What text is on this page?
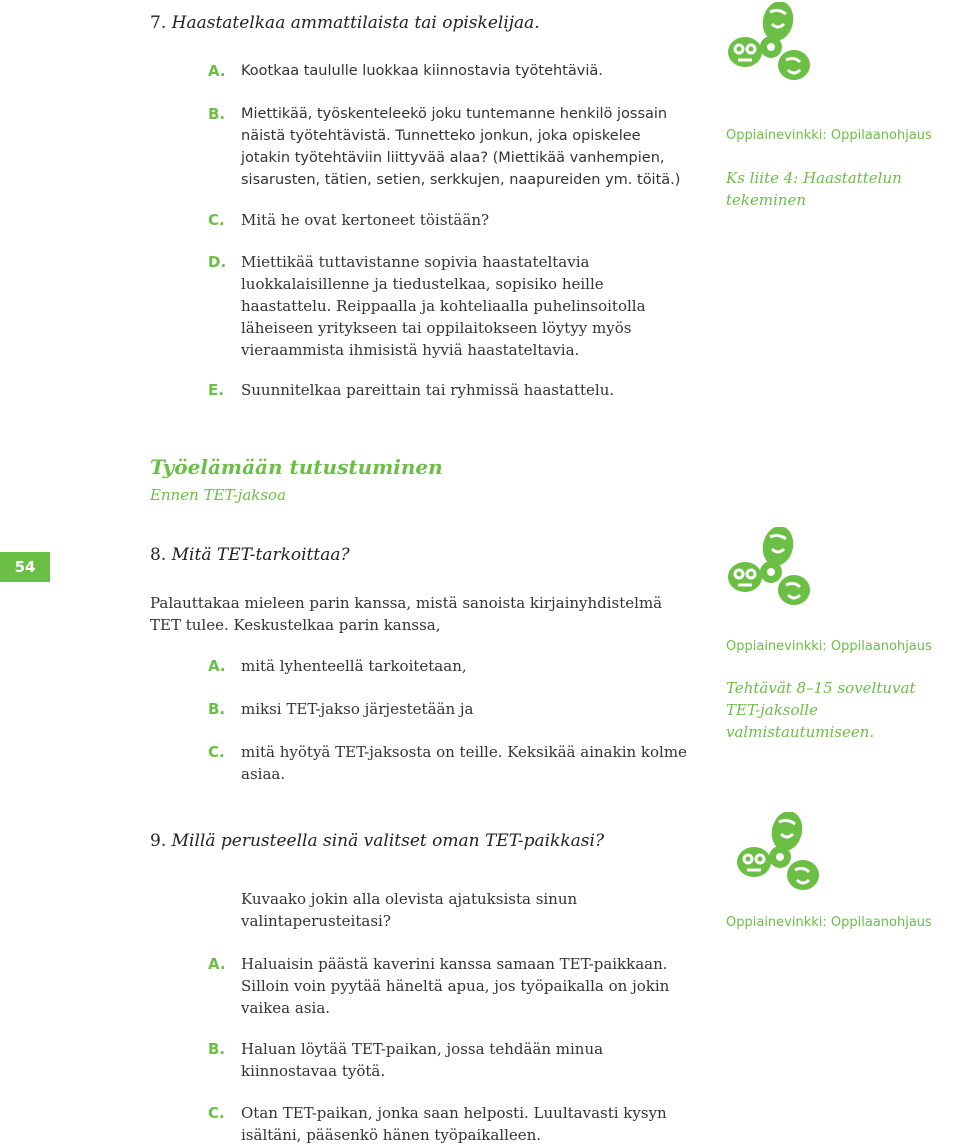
7. Haastatelkaa ammattilaista tai opiskelijaa.
A.	Kootkaa taululle luokkaa kiinnostavia työtehtäviä.
B.	Miettikää, työskenteleekö joku tuntemanne henkilö jossain näistä työtehtävistä. Tunnetteko jonkun, joka opiskelee jotakin työtehtäviin liittyvää alaa? (Miettikää vanhempien, sisarusten, tätien, setien, serkkujen, naapureiden ym. töitä.)
C.	Mitä he ovat kertoneet töistään?
D. Miettikää tuttavistanne sopivia haastateltavia luokkalaisillenne ja tiedustelkaa, sopisiko heille haastattelu. Reippaalla ja kohteliaalla puhelinsoitolla läheiseen yritykseen tai oppilaitokseen löytyy myös vieraammista ihmisistä hyviä haastateltavia.
E.	Suunnitelkaa pareittain tai ryhmissä haastattelu.
Oppiainevinkki: Oppilaanohjaus
Ks liite 4: Haastattelun tekeminen
Työelämään tutustuminen
Ennen TET-jaksoa
54
8. Mitä TET-tarkoittaa?
Palauttakaa mieleen parin kanssa, mistä sanoista kirjainyhdistelmä TET tulee. Keskustelkaa parin kanssa,
A.	mitä lyhenteellä tarkoitetaan,
B.	miksi TET-jakso järjestetään ja
C.	mitä hyötyä TET-jaksosta on teille. Keksikää ainakin kolme asiaa.
Oppiainevinkki: Oppilaanohjaus
Tehtävät 8–15 soveltuvat TET-jaksolle valmistautumiseen.
9. Millä perusteella sinä valitset oman TET-paikkasi?
Kuvaako jokin alla olevista ajatuksista sinun valintaperusteitasi?
A.	Haluaisin päästä kaverini kanssa samaan TET-paikkaan. Silloin voin pyytää häneltä apua, jos työpaikalla on jokin vaikea asia.
B.	Haluan löytää TET-paikan, jossa tehdään minua kiinnostavaa työtä.
C.	Otan TET-paikan, jonka saan helposti. Luultavasti kysyn isältäni, pääsenkö hänen työpaikalleen.
Oppiainevinkki: Oppilaanohjaus
